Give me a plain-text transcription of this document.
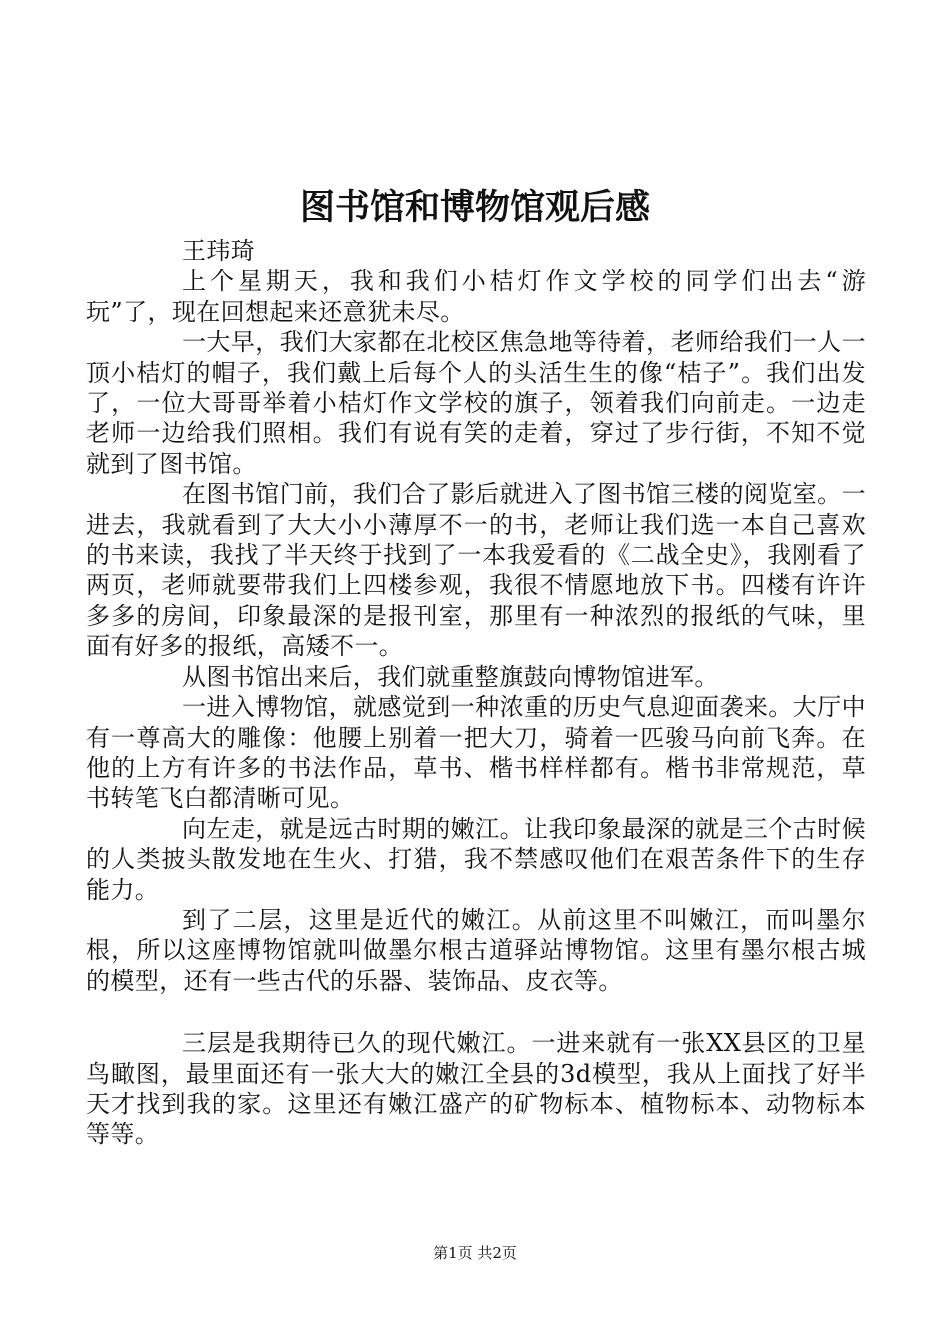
图书馆和博物馆观后感

王玮琦

上个星期天，我和我们小桔灯作文学校的同学们出去“游玩”了，现在回想起来还意犹未尽。

一大早，我们大家都在北校区焦急地等待着，老师给我们一人一顶小桔灯的帽子，我们戴上后每个人的头活生生的像“桔子”。我们出发了，一位大哥哥举着小桔灯作文学校的旗子，领着我们向前走。一边走老师一边给我们照相。我们有说有笑的走着，穿过了步行街，不知不觉就到了图书馆。

在图书馆门前，我们合了影后就进入了图书馆三楼的阅览室。一进去，我就看到了大大小小薄厚不一的书，老师让我们选一本自己喜欢的书来读，我找了半天终于找到了一本我爱看的《二战全史》，我刚看了两页，老师就要带我们上四楼参观，我很不情愿地放下书。四楼有许许多多的房间，印象最深的是报刊室，那里有一种浓烈的报纸的气味，里面有好多的报纸，高矮不一。

从图书馆出来后，我们就重整旗鼓向博物馆进军。

一进入博物馆，就感觉到一种浓重的历史气息迎面袭来。大厅中有一尊高大的雕像：他腰上别着一把大刀，骑着一匹骏马向前飞奔。在他的上方有许多的书法作品，草书、楷书样样都有。楷书非常规范，草书转笔飞白都清晰可见。

向左走，就是远古时期的嫩江。让我印象最深的就是三个古时候的人类披头散发地在生火、打猎，我不禁感叹他们在艰苦条件下的生存能力。

到了二层，这里是近代的嫩江。从前这里不叫嫩江，而叫墨尔根，所以这座博物馆就叫做墨尔根古道驿站博物馆。这里有墨尔根古城的模型，还有一些古代的乐器、装饰品、皮衣等。

三层是我期待已久的现代嫩江。一进来就有一张XX县区的卫星鸟瞰图，最里面还有一张大大的嫩江全县的3d模型，我从上面找了好半天才找到我的家。这里还有嫩江盛产的矿物标本、植物标本、动物标本等等。

第1页 共2页
